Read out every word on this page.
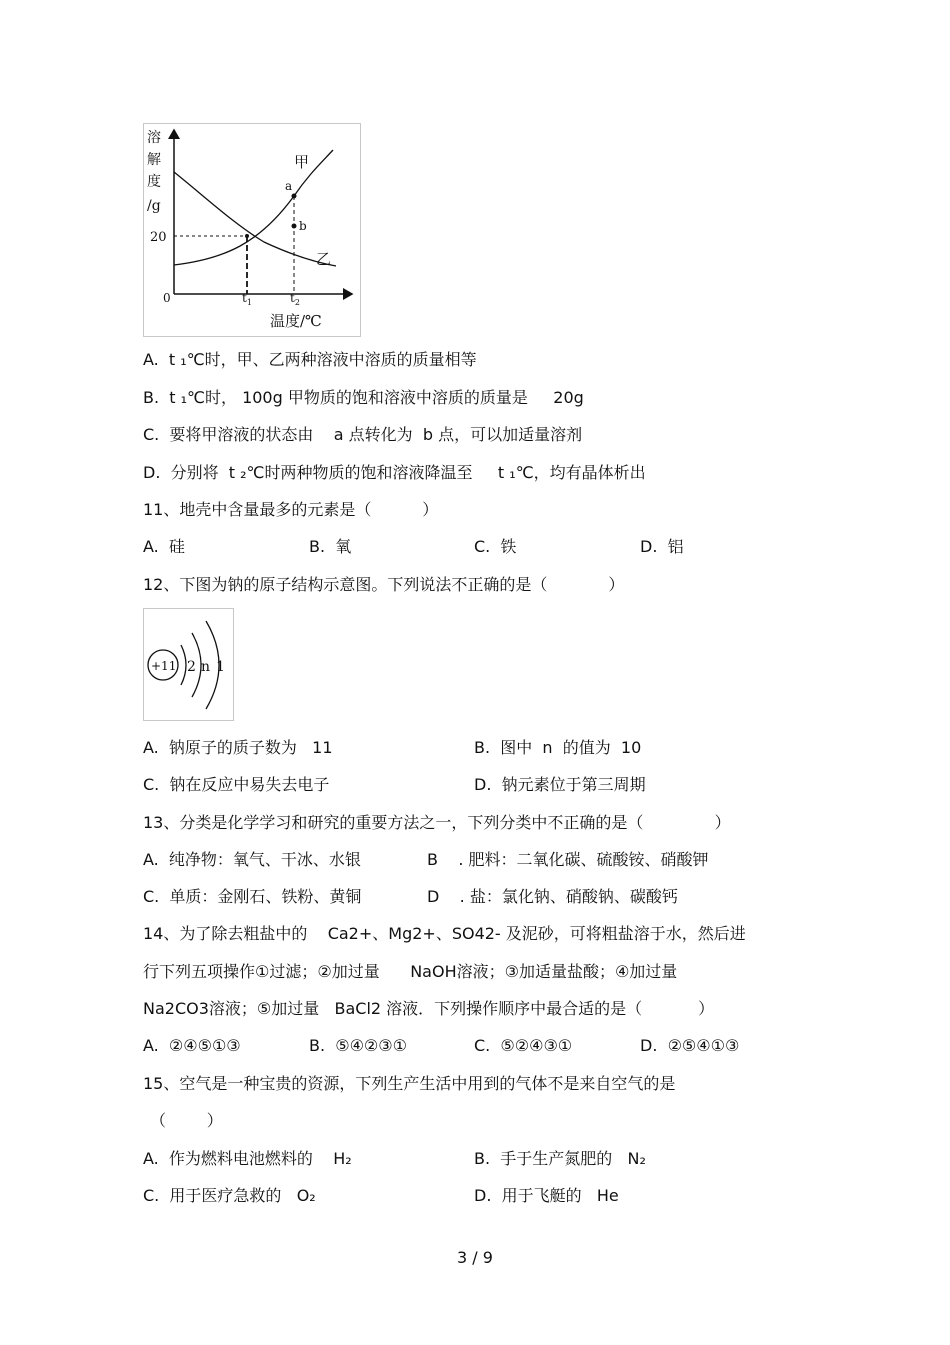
溶
解
度
/g
20
0	$t_1$	$t_2$
温度/℃
甲
乙
a
b
A.  t ₁℃时，甲、乙两种溶液中溶质的质量相等
B.  t ₁℃时， 100g 甲物质的饱和溶液中溶质的质量是     20g
C.  要将甲溶液的状态由    a 点转化为  b 点，可以加适量溶剂
D.  分别将  t ₂℃时两种物质的饱和溶液降温至     t ₁℃，均有晶体析出
11、地壳中含量最多的元素是（          ）
A.  硅	B.  氧	C.  铁	D.  铝
12、下图为钠的原子结构示意图。下列说法不正确的是（            ）
+11 2 n 1
A.  钠原子的质子数为   11	B.  图中  n  的值为  10
C.  钠在反应中易失去电子	D.  钠元素位于第三周期
13、分类是化学学习和研究的重要方法之一，下列分类中不正确的是（              ）
A.  纯净物：氧气、干冰、水银	B    . 肥料：二氧化碳、硫酸铵、硝酸钾
C.  单质：金刚石、铁粉、黄铜	D    . 盐：氯化钠、硝酸钠、碳酸钙
14、为了除去粗盐中的    Ca2+、Mg2+、SO42- 及泥砂，可将粗盐溶于水，然后进
行下列五项操作①过滤；②加过量      NaOH溶液；③加适量盐酸；④加过量
Na2CO3溶液；⑤加过量   BaCl2 溶液．下列操作顺序中最合适的是（           ）
A.  ②④⑤①③	B.  ⑤④②③①	C.  ⑤②④③①	D.  ②⑤④①③
15、空气是一种宝贵的资源，下列生产生活中用到的气体不是来自空气的是
（        ）
A.  作为燃料电池燃料的    H₂	B.  手于生产氮肥的   N₂
C.  用于医疗急救的   O₂	D.  用于飞艇的   He
3 / 9
